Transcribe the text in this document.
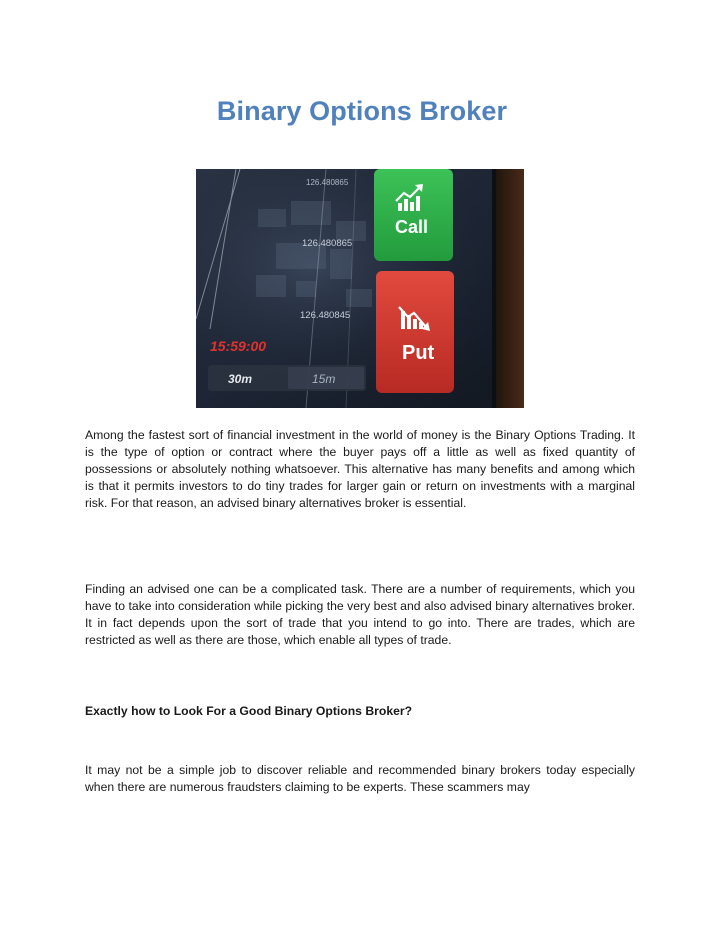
Binary Options Broker
126.480865
126.480865
126.480845
15:59:00
30m	15m
Call
Put

Among the fastest sort of financial investment in the world of money is the Binary Options Trading. It is the type of option or contract where the buyer pays off a little as well as fixed quantity of possessions or absolutely nothing whatsoever. This alternative has many benefits and among which is that it permits investors to do tiny trades for larger gain or return on investments with a marginal risk. For that reason, an advised binary alternatives broker is essential.

Finding an advised one can be a complicated task. There are a number of requirements, which you have to take into consideration while picking the very best and also advised binary alternatives broker. It in fact depends upon the sort of trade that you intend to go into. There are trades, which are restricted as well as there are those, which enable all types of trade.

Exactly how to Look For a Good Binary Options Broker?

It may not be a simple job to discover reliable and recommended binary brokers today especially when there are numerous fraudsters claiming to be experts. These scammers may
